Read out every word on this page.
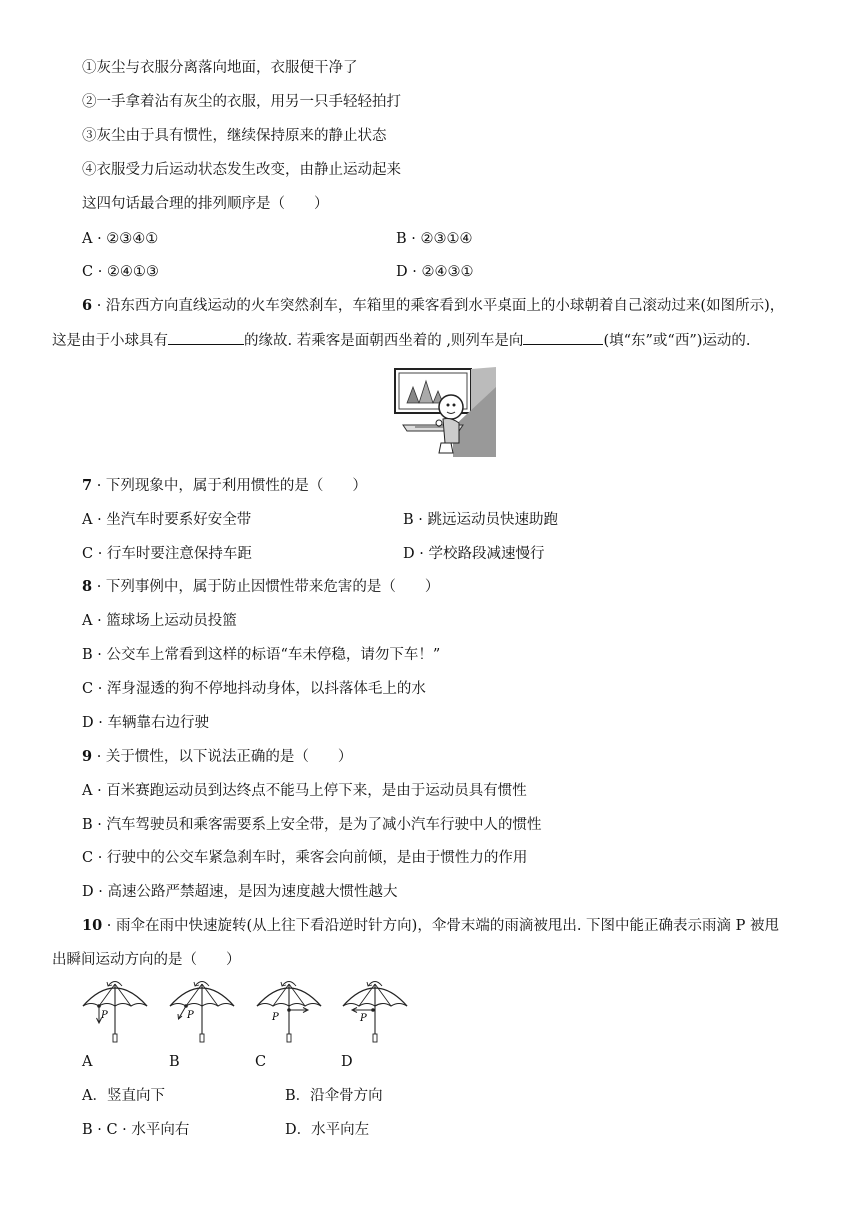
①灰尘与衣服分离落向地面，衣服便干净了
②一手拿着沾有灰尘的衣服，用另一只手轻轻拍打
③灰尘由于具有惯性，继续保持原来的静止状态
④衣服受力后运动状态发生改变，由静止运动起来
这四句话最合理的排列顺序是（　　）
A · ②③④①	B · ②③①④
C · ②④①③	D · ②④③①
6 · 沿东西方向直线运动的火车突然刹车，车箱里的乘客看到水平桌面上的小球朝着自己滚动过来(如图所示)，
这是由于小球具有	的缘故. 若乘客是面朝西坐着的 ,则列车是向	(填“东”或“西”)运动的.
7 · 下列现象中，属于利用惯性的是（　　）
A · 坐汽车时要系好安全带	B · 跳远运动员快速助跑
C · 行车时要注意保持车距	D · 学校路段减速慢行
8 · 下列事例中，属于防止因惯性带来危害的是（　　）
A · 篮球场上运动员投篮
B · 公交车上常看到这样的标语“车未停稳，请勿下车！”
C · 浑身湿透的狗不停地抖动身体，以抖落体毛上的水
D · 车辆靠右边行驶
9 · 关于惯性，以下说法正确的是（　　）
A · 百米赛跑运动员到达终点不能马上停下来，是由于运动员具有惯性
B · 汽车驾驶员和乘客需要系上安全带，是为了减小汽车行驶中人的惯性
C · 行驶中的公交车紧急刹车时，乘客会向前倾，是由于惯性力的作用
D · 高速公路严禁超速，是因为速度越大惯性越大
10 · 雨伞在雨中快速旋转(从上往下看沿逆时针方向)，伞骨末端的雨滴被甩出. 下图中能正确表示雨滴 P 被甩
出瞬间运动方向的是（　　）
P	P	P	P
A	B	C	D
A．竖直向下	B．沿伞骨方向
B · C · 水平向右	D．水平向左
